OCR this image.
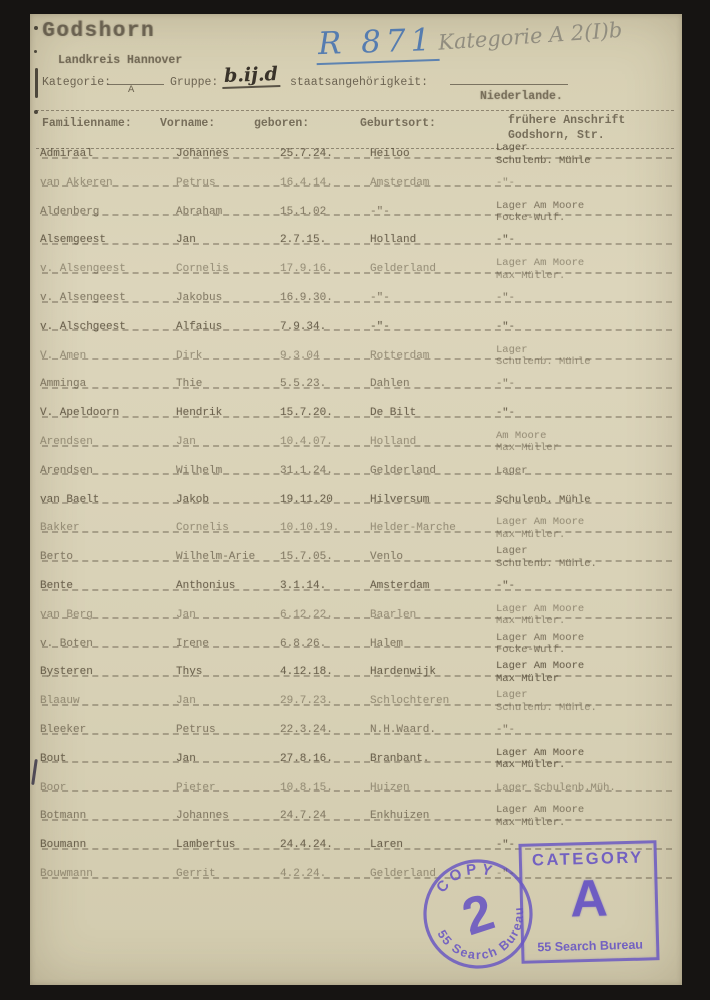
Godshorn
Landkreis Hannover
Kategorie:
A
Gruppe: b.ij.d staatsangehörigkeit:
Niederlande.
R 871 Kategorie A 2(I)b
Familienname: Vorname:	geboren:	Geburtsort:	frühere Anschrift
Godshorn, Str.
Admiraal	Johannes	25.7.24.	Heiloo	Lager
Schulenb. Mühle
van Akkeren	Petrus	16.4.14.	Amsterdam	-"-
Aldenberg	Abraham	15.1.02	-"-	Lager Am Moore
Focke-Wulf.
Alsemgeest	Jan	2.7.15.	Holland	-"-
v. Alsengeest	Cornelis	17.9.16.	Gelderland	Lager Am Moore
Max Müller.
v. Alsengeest	Jakobus	16.9.30.	-"-	-"-
v. Alschgeest	Alfaius	7.9.34.	-"-	-"-
V. Amen	Dirk	9.3.04	Rotterdam	Lager
Schulenb. Mühle
Amminga	Thie	5.5.23.	Dahlen	-"-
V. Apeldoorn	Hendrik	15.7.20.	De Bilt	-"-
Arendsen	Jan	10.4.07.	Holland	Am Moore
Max Müller
Arendsen	Wilhelm	31.1.24.	Gelderland	Lager
van Baelt	Jakob	19.11.20	Hilversum	Schulenb. Mühle
Bakker	Cornelis	10.10.19.	Helder-Marche	Lager Am Moore
Max Müller.
Berto	Wilhelm-Arie 15.7.05.	Venlo	Lager
Schulenb. Mühle.
Bente	Anthonius	3.1.14.	Amsterdam	-"-
van Berg	Jan	6.12.22.	Baarlen	Lager Am Moore
Max Müller.
v. Boten	Irene	6.8.26.	Halem	Lager Am Moore
Focke-Wulf.
Bysteren	Thys	4.12.18.	Hardenwijk	Lager Am Moore
Max Müller
Blaauw	Jan	29.7.23.	Schlochteren	Lager
Schulenb. Mühle.
Bleeker	Petrus	22.3.24.	N.H.Waard.	-"-
Bout	Jan	27.8.16.	Branbant.	Lager Am Moore
Max Müller.
Boor	Pieter	10.8.15.	Huizen	Lager Schulenb.Müh.
Botmann	Johannes	24.7.24	Enkhuizen	Lager Am Moore
Max Müller.
Boumann	Lambertus	24.4.24.	Laren	-"-
Bouwmann	Gerrit	4.2.24.	Gelderland	-"-
COPY
55 Search Bureau
2
CATEGORY
A
55 Search Bureau
